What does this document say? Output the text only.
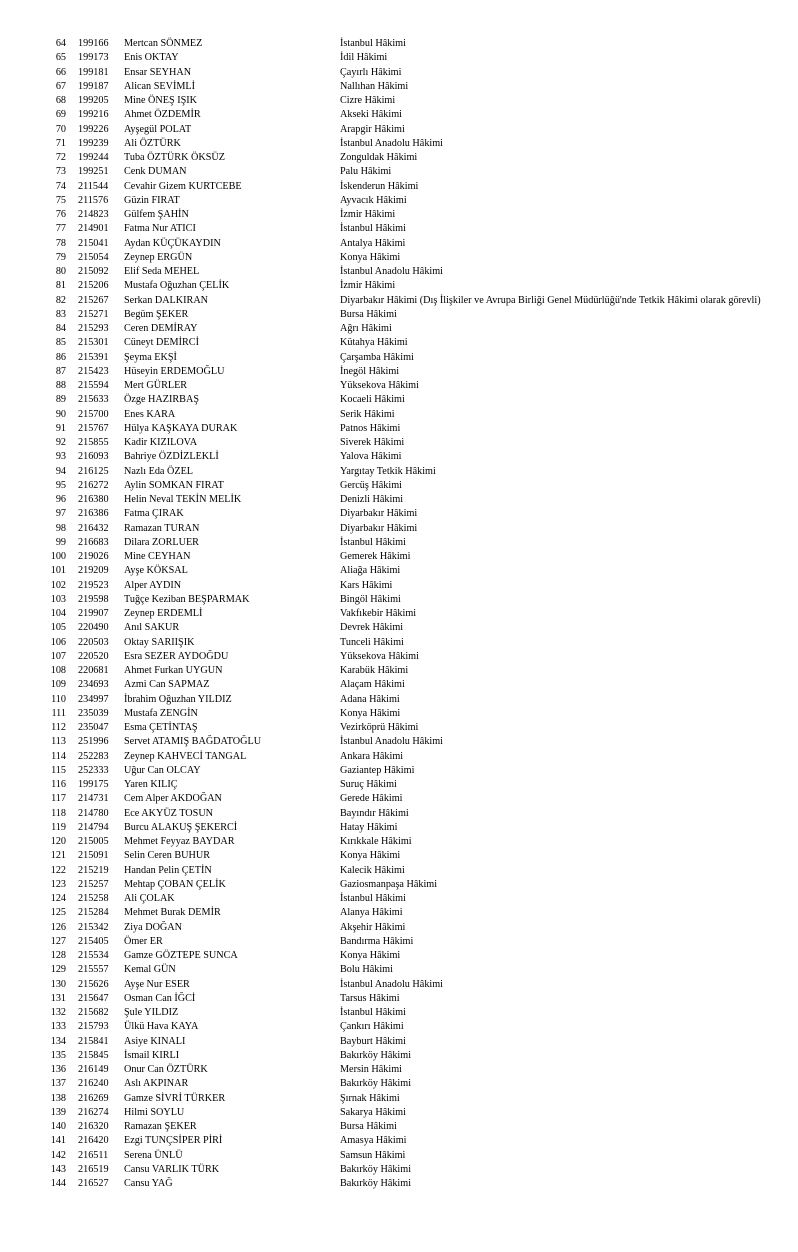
64 199166 Mertcan SÖNMEZ	İstanbul Hâkimi
65 199173 Enis OKTAY	İdil Hâkimi
66 199181 Ensar SEYHAN	Çayırlı Hâkimi
67 199187 Alican SEVİMLİ	Nallıhan Hâkimi
68 199205 Mine ÖNEŞ IŞIK	Cizre Hâkimi
69 199216 Ahmet ÖZDEMİR	Akseki Hâkimi
70 199226 Ayşegül POLAT	Arapgir Hâkimi
71 199239 Ali ÖZTÜRK	İstanbul Anadolu Hâkimi
72 199244 Tuba ÖZTÜRK ÖKSÜZ	Zonguldak Hâkimi
73 199251 Cenk DUMAN	Palu Hâkimi
74 211544 Cevahir Gizem KURTCEBE	İskenderun Hâkimi
75 211576 Güzin FIRAT	Ayvacık Hâkimi
76 214823 Gülfem ŞAHİN	İzmir Hâkimi
77 214901 Fatma Nur ATICI	İstanbul Hâkimi
78 215041 Aydan KÜÇÜKAYDIN	Antalya Hâkimi
79 215054 Zeynep ERGÜN	Konya Hâkimi
80 215092 Elif Seda MEHEL	İstanbul Anadolu Hâkimi
81 215206 Mustafa Oğuzhan ÇELİK	İzmir Hâkimi
82 215267 Serkan DALKIRAN	Diyarbakır Hâkimi (Dış İlişkiler ve Avrupa Birliği Genel Müdürlüğü'nde Tetkik Hâkimi olarak görevli)
83 215271 Begüm ŞEKER	Bursa Hâkimi
84 215293 Ceren DEMİRAY	Ağrı Hâkimi
85 215301 Cüneyt DEMİRCİ	Kütahya Hâkimi
86 215391 Şeyma EKŞİ	Çarşamba Hâkimi
87 215423 Hüseyin ERDEMOĞLU	İnegöl Hâkimi
88 215594 Mert GÜRLER	Yüksekova Hâkimi
89 215633 Özge HAZIRBAŞ	Kocaeli Hâkimi
90 215700 Enes KARA	Serik Hâkimi
91 215767 Hülya KAŞKAYA DURAK	Patnos Hâkimi
92 215855 Kadir KIZILOVA	Siverek Hâkimi
93 216093 Bahriye ÖZDİZLEKLİ	Yalova Hâkimi
94 216125 Nazlı Eda ÖZEL	Yargıtay Tetkik Hâkimi
95 216272 Aylin SOMKAN FIRAT	Gercüş Hâkimi
96 216380 Helin Neval TEKİN MELİK	Denizli Hâkimi
97 216386 Fatma ÇIRAK	Diyarbakır Hâkimi
98 216432 Ramazan TURAN	Diyarbakır Hâkimi
99 216683 Dilara ZORLUER	İstanbul Hâkimi
100 219026 Mine CEYHAN	Gemerek Hâkimi
101 219209 Ayşe KÖKSAL	Aliağa Hâkimi
102 219523 Alper AYDIN	Kars Hâkimi
103 219598 Tuğçe Keziban BEŞPARMAK	Bingöl Hâkimi
104 219907 Zeynep ERDEMLİ	Vakfıkebir Hâkimi
105 220490 Anıl SAKUR	Devrek Hâkimi
106 220503 Oktay SARIIŞIK	Tunceli Hâkimi
107 220520 Esra SEZER AYDOĞDU	Yüksekova Hâkimi
108 220681 Ahmet Furkan UYGUN	Karabük Hâkimi
109 234693 Azmi Can SAPMAZ	Alaçam Hâkimi
110 234997 İbrahim Oğuzhan YILDIZ	Adana Hâkimi
111 235039 Mustafa ZENGİN	Konya Hâkimi
112 235047 Esma ÇETİNTAŞ	Vezirköprü Hâkimi
113 251996 Servet ATAMIŞ BAĞDATOĞLU	İstanbul Anadolu Hâkimi
114 252283 Zeynep KAHVECİ TANGAL	Ankara Hâkimi
115 252333 Uğur Can OLCAY	Gaziantep Hâkimi
116 199175 Yaren KILIÇ	Suruç Hâkimi
117 214731 Cem Alper AKDOĞAN	Gerede Hâkimi
118 214780 Ece AKYÜZ TOSUN	Bayındır Hâkimi
119 214794 Burcu ALAKUŞ ŞEKERCİ	Hatay Hâkimi
120 215005 Mehmet Feyyaz BAYDAR	Kırıkkale Hâkimi
121 215091 Selin Ceren BUHUR	Konya Hâkimi
122 215219 Handan Pelin ÇETİN	Kalecik Hâkimi
123 215257 Mehtap ÇOBAN ÇELİK	Gaziosmanpaşa Hâkimi
124 215258 Ali ÇOLAK	İstanbul Hâkimi
125 215284 Mehmet Burak DEMİR	Alanya Hâkimi
126 215342 Ziya DOĞAN	Akşehir Hâkimi
127 215405 Ömer ER	Bandırma Hâkimi
128 215534 Gamze GÖZTEPE SUNCA	Konya Hâkimi
129 215557 Kemal GÜN	Bolu Hâkimi
130 215626 Ayşe Nur ESER	İstanbul Anadolu Hâkimi
131 215647 Osman Can İĞCİ	Tarsus Hâkimi
132 215682 Şule YILDIZ	İstanbul Hâkimi
133 215793 Ülkü Hava KAYA	Çankırı Hâkimi
134 215841 Asiye KINALI	Bayburt Hâkimi
135 215845 İsmail KIRLI	Bakırköy Hâkimi
136 216149 Onur Can ÖZTÜRK	Mersin Hâkimi
137 216240 Aslı AKPINAR	Bakırköy Hâkimi
138 216269 Gamze SİVRİ TÜRKER	Şırnak Hâkimi
139 216274 Hilmi SOYLU	Sakarya Hâkimi
140 216320 Ramazan ŞEKER	Bursa Hâkimi
141 216420 Ezgi TUNÇSİPER PİRİ	Amasya Hâkimi
142 216511 Serena ÜNLÜ	Samsun Hâkimi
143 216519 Cansu VARLIK TÜRK	Bakırköy Hâkimi
144 216527 Cansu YAĞ	Bakırköy Hâkimi
